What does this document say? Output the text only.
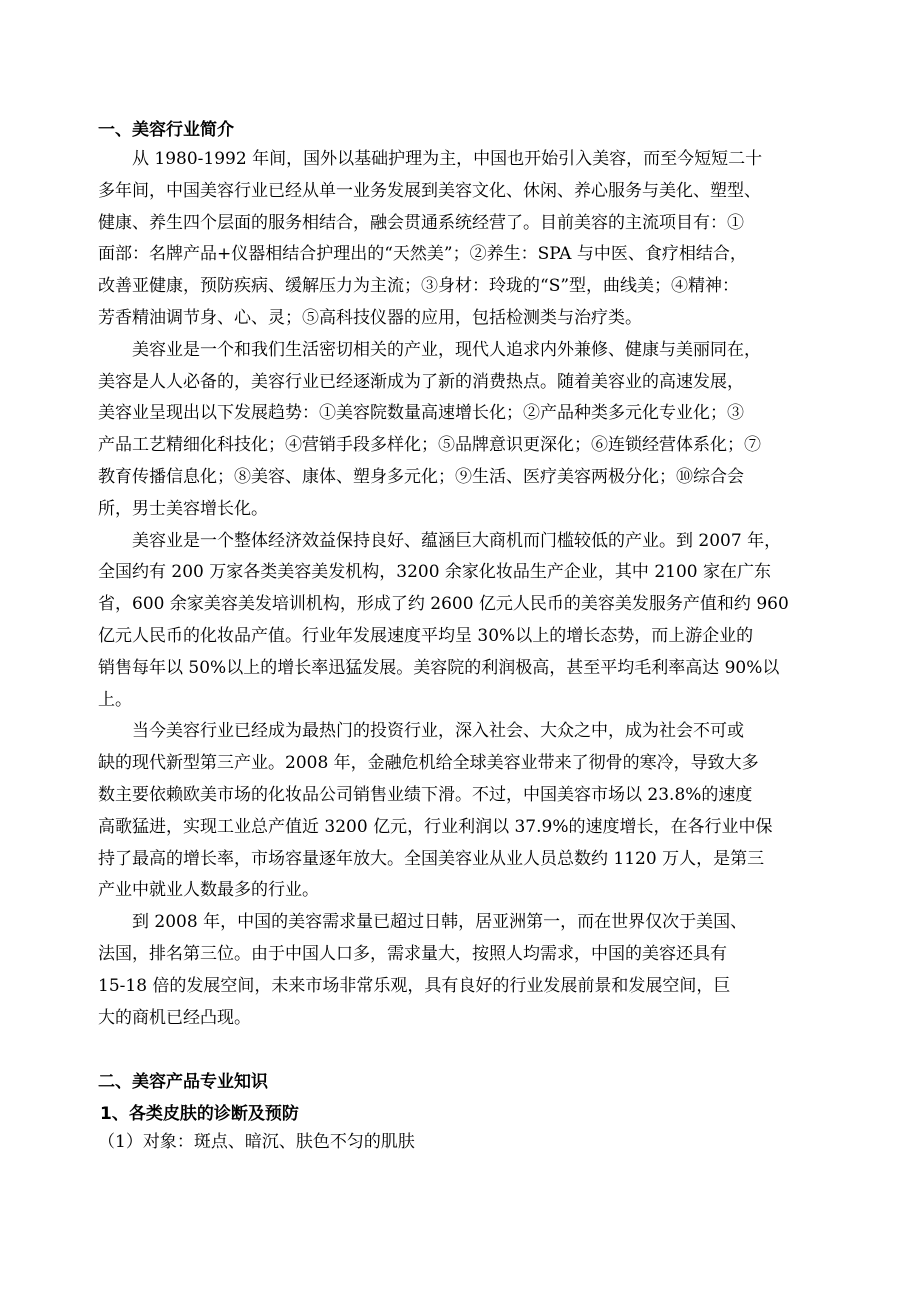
一、美容行业简介

从 1980-1992 年间，国外以基础护理为主，中国也开始引入美容，而至今短短二十
多年间，中国美容行业已经从单一业务发展到美容文化、休闲、养心服务与美化、塑型、
健康、养生四个层面的服务相结合，融会贯通系统经营了。目前美容的主流项目有：①
面部：名牌产品+仪器相结合护理出的“天然美”；②养生：SPA 与中医、食疗相结合，
改善亚健康，预防疾病、缓解压力为主流；③身材：玲珑的“S”型，曲线美；④精神：
芳香精油调节身、心、灵；⑤高科技仪器的应用，包括检测类与治疗类。

美容业是一个和我们生活密切相关的产业，现代人追求内外兼修、健康与美丽同在，
美容是人人必备的，美容行业已经逐渐成为了新的消费热点。随着美容业的高速发展，
美容业呈现出以下发展趋势：①美容院数量高速增长化；②产品种类多元化专业化；③
产品工艺精细化科技化；④营销手段多样化；⑤品牌意识更深化；⑥连锁经营体系化；⑦
教育传播信息化；⑧美容、康体、塑身多元化；⑨生活、医疗美容两极分化；⑩综合会
所，男士美容增长化。

美容业是一个整体经济效益保持良好、蕴涵巨大商机而门槛较低的产业。到 2007 年，
全国约有 200 万家各类美容美发机构，3200 余家化妆品生产企业，其中 2100 家在广东
省，600 余家美容美发培训机构，形成了约 2600 亿元人民币的美容美发服务产值和约 960
亿元人民币的化妆品产值。行业年发展速度平均呈 30%以上的增长态势，而上游企业的
销售每年以 50%以上的增长率迅猛发展。美容院的利润极高，甚至平均毛利率高达 90%以
上。

当今美容行业已经成为最热门的投资行业，深入社会、大众之中，成为社会不可或
缺的现代新型第三产业。2008 年，金融危机给全球美容业带来了彻骨的寒冷，导致大多
数主要依赖欧美市场的化妆品公司销售业绩下滑。不过，中国美容市场以 23.8%的速度
高歌猛进，实现工业总产值近 3200 亿元，行业利润以 37.9%的速度增长，在各行业中保
持了最高的增长率，市场容量逐年放大。全国美容业从业人员总数约 1120 万人，是第三
产业中就业人数最多的行业。

到 2008 年，中国的美容需求量已超过日韩，居亚洲第一，而在世界仅次于美国、
法国，排名第三位。由于中国人口多，需求量大，按照人均需求，中国的美容还具有
15-18 倍的发展空间，未来市场非常乐观，具有良好的行业发展前景和发展空间，巨
大的商机已经凸现。

二、美容产品专业知识
1、各类皮肤的诊断及预防

（1）对象：斑点、暗沉、肤色不匀的肌肤
